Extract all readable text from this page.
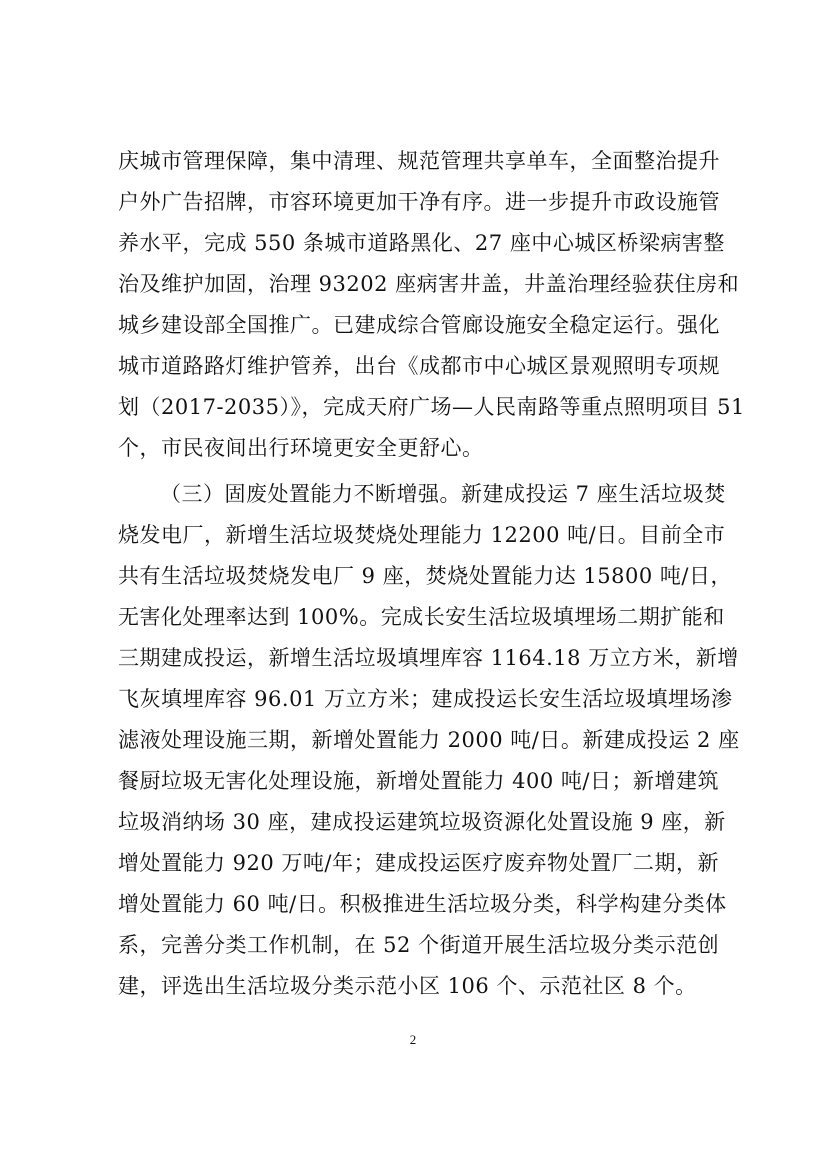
庆城市管理保障，集中清理、规范管理共享单车，全面整治提升
户外广告招牌，市容环境更加干净有序。进一步提升市政设施管
养水平，完成 550 条城市道路黑化、27 座中心城区桥梁病害整
治及维护加固，治理 93202 座病害井盖，井盖治理经验获住房和
城乡建设部全国推广。已建成综合管廊设施安全稳定运行。强化
城市道路路灯维护管养，出台《成都市中心城区景观照明专项规
划（2017-2035）》，完成天府广场—人民南路等重点照明项目 51
个，市民夜间出行环境更安全更舒心。
（三）固废处置能力不断增强。新建成投运 7 座生活垃圾焚
烧发电厂，新增生活垃圾焚烧处理能力 12200 吨/日。目前全市
共有生活垃圾焚烧发电厂 9 座，焚烧处置能力达 15800 吨/日，
无害化处理率达到 100%。完成长安生活垃圾填埋场二期扩能和
三期建成投运，新增生活垃圾填埋库容 1164.18 万立方米，新增
飞灰填埋库容 96.01 万立方米；建成投运长安生活垃圾填埋场渗
滤液处理设施三期，新增处置能力 2000 吨/日。新建成投运 2 座
餐厨垃圾无害化处理设施，新增处置能力 400 吨/日；新增建筑
垃圾消纳场 30 座，建成投运建筑垃圾资源化处置设施 9 座，新
增处置能力 920 万吨/年；建成投运医疗废弃物处置厂二期，新
增处置能力 60 吨/日。积极推进生活垃圾分类，科学构建分类体
系，完善分类工作机制，在 52 个街道开展生活垃圾分类示范创
建，评选出生活垃圾分类示范小区 106 个、示范社区 8 个。
2
